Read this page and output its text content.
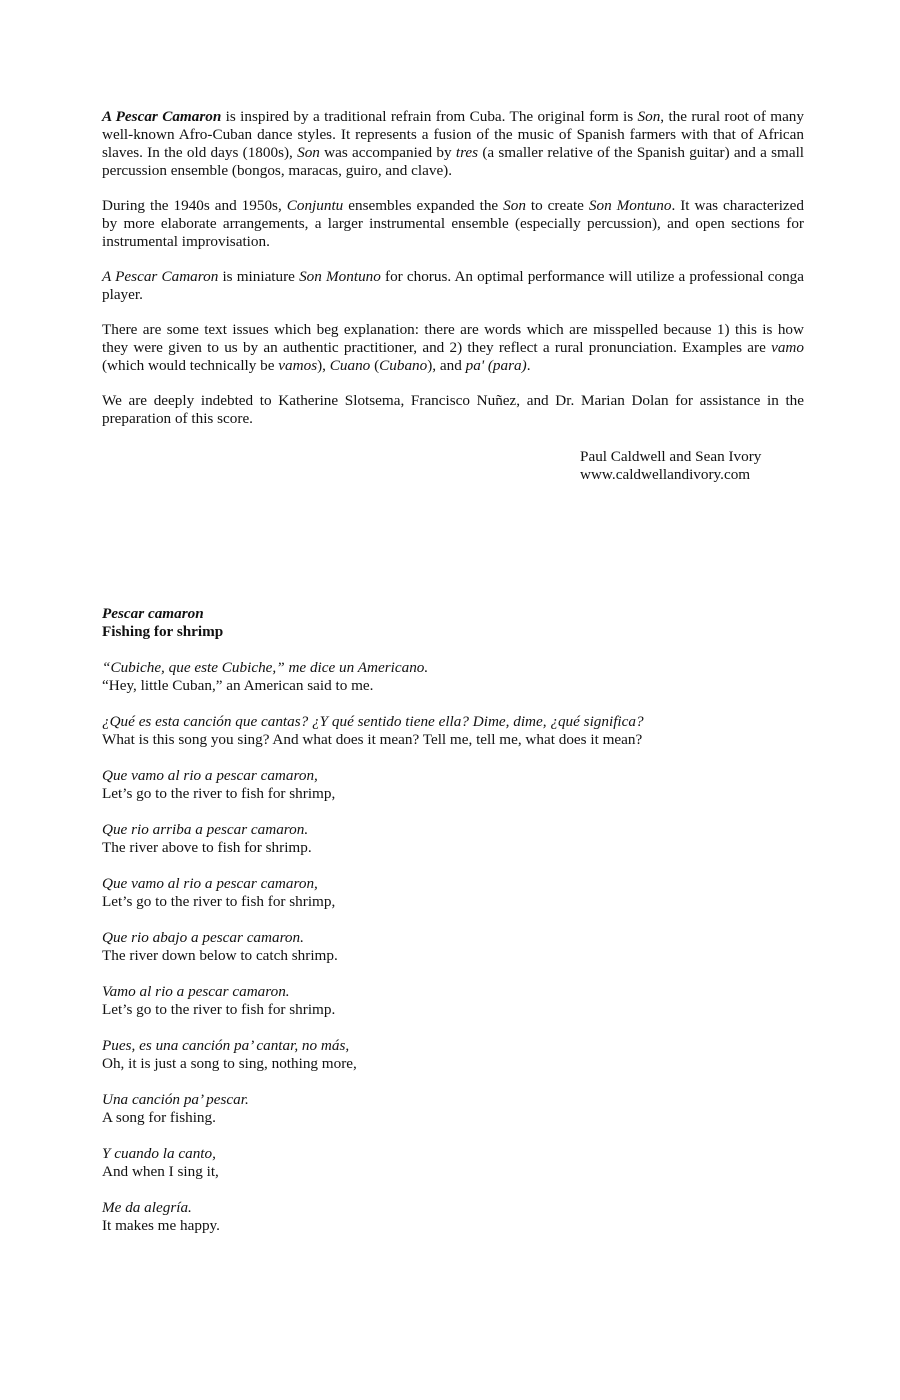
A Pescar Camaron is inspired by a traditional refrain from Cuba. The original form is Son, the rural root of many well-known Afro-Cuban dance styles. It represents a fusion of the music of Spanish farmers with that of African slaves. In the old days (1800s), Son was accompanied by tres (a smaller relative of the Spanish guitar) and a small percussion ensemble (bongos, maracas, guiro, and clave).

During the 1940s and 1950s, Conjuntu ensembles expanded the Son to create Son Montuno. It was characterized by more elaborate arrangements, a larger instrumental ensemble (especially percussion), and open sections for instrumental improvisation.

A Pescar Camaron is miniature Son Montuno for chorus. An optimal performance will utilize a professional conga player.

There are some text issues which beg explanation: there are words which are misspelled because 1) this is how they were given to us by an authentic practitioner, and 2) they reflect a rural pronunciation. Examples are vamo (which would technically be vamos), Cuano (Cubano), and pa' (para).

We are deeply indebted to Katherine Slotsema, Francisco Nuñez, and Dr. Marian Dolan for assistance in the preparation of this score.

Paul Caldwell and Sean Ivory
www.caldwellandivory.com
Pescar camaron
Fishing for shrimp
“Cubiche, que este Cubiche,” me dice un Americano.
“Hey, little Cuban,” an American said to me.
¿Qué es esta canción que cantas? ¿Y qué sentido tiene ella? Dime, dime, ¿qué significa?
What is this song you sing? And what does it mean? Tell me, tell me, what does it mean?
Que vamo al rio a pescar camaron,
Let’s go to the river to fish for shrimp,
Que rio arriba a pescar camaron.
The river above to fish for shrimp.
Que vamo al rio a pescar camaron,
Let’s go to the river to fish for shrimp,
Que rio abajo a pescar camaron.
The river down below to catch shrimp.
Vamo al rio a pescar camaron.
Let’s go to the river to fish for shrimp.
Pues, es una canción pa’ cantar, no más,
Oh, it is just a song to sing, nothing more,
Una canción pa’ pescar.
A song for fishing.
Y cuando la canto,
And when I sing it,
Me da alegría.
It makes me happy.
